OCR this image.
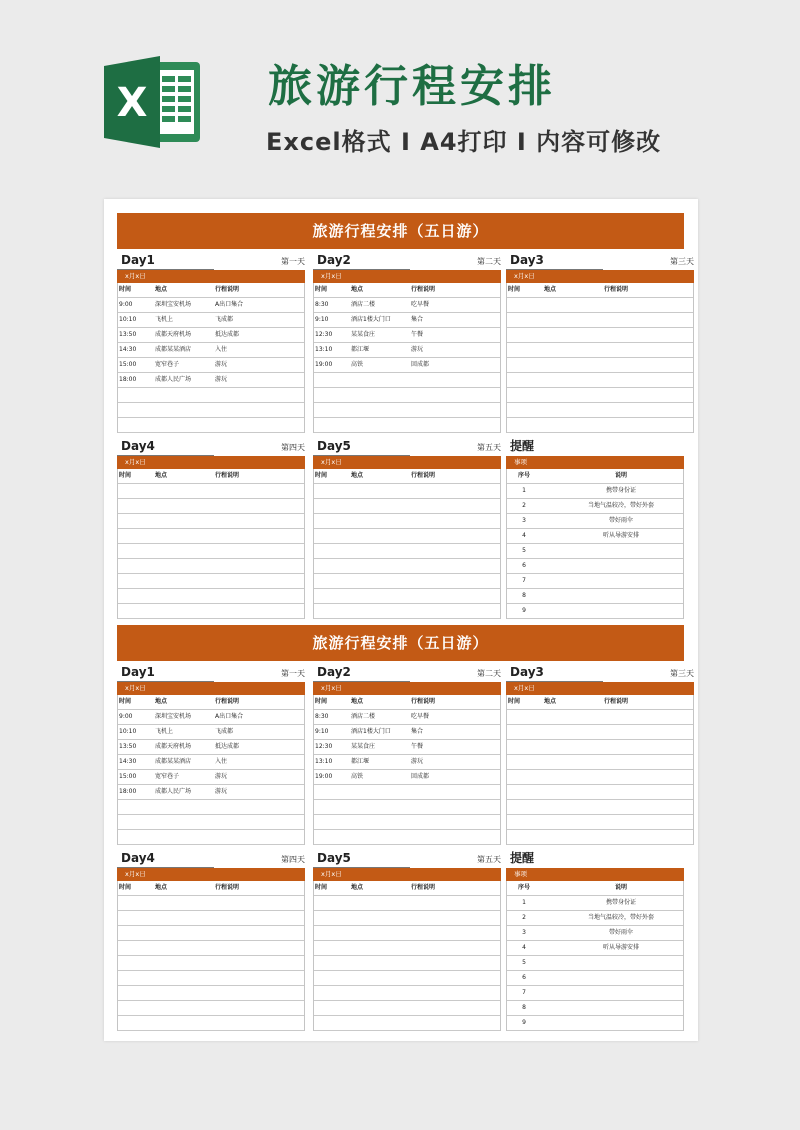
X	旅游行程安排
Excel格式 I A4打印 I 内容可修改
旅游行程安排（五日游）
Day1	第一天
x月x日
时间	地点	行程说明
9:00	深圳宝安机场	A出口集合
10:10	飞机上	飞成都
13:50	成都天府机场	抵达成都
14:30	成都某某酒店	入住
15:00	宽窄巷子	游玩
18:00	成都人民广场	游玩
Day2	第二天
x月x日
时间	地点	行程说明
8:30	酒店二楼	吃早餐
9:10	酒店1楼大门口	集合
12:30	某某食庄	午餐
13:10	都江堰	游玩
19:00	高铁	回成都
Day3	第三天
x月x日
时间	地点	行程说明
Day4	第四天
x月x日
时间	地点	行程说明
Day5	第五天
x月x日
时间	地点	行程说明
提醒
事项
序号	说明
1	携带身份证
2	当地气温较冷，带好外套
3	带好雨伞
4	听从导游安排
5
6
7
8
9
旅游行程安排（五日游）
Day1	第一天
x月x日
时间	地点	行程说明
9:00	深圳宝安机场	A出口集合
10:10	飞机上	飞成都
13:50	成都天府机场	抵达成都
14:30	成都某某酒店	入住
15:00	宽窄巷子	游玩
18:00	成都人民广场	游玩
Day2	第二天
x月x日
时间	地点	行程说明
8:30	酒店二楼	吃早餐
9:10	酒店1楼大门口	集合
12:30	某某食庄	午餐
13:10	都江堰	游玩
19:00	高铁	回成都
Day3	第三天
x月x日
时间	地点	行程说明
Day4	第四天
x月x日
时间	地点	行程说明
Day5	第五天
x月x日
时间	地点	行程说明
提醒
事项
序号	说明
1	携带身份证
2	当地气温较冷，带好外套
3	带好雨伞
4	听从导游安排
5
6
7
8
9
